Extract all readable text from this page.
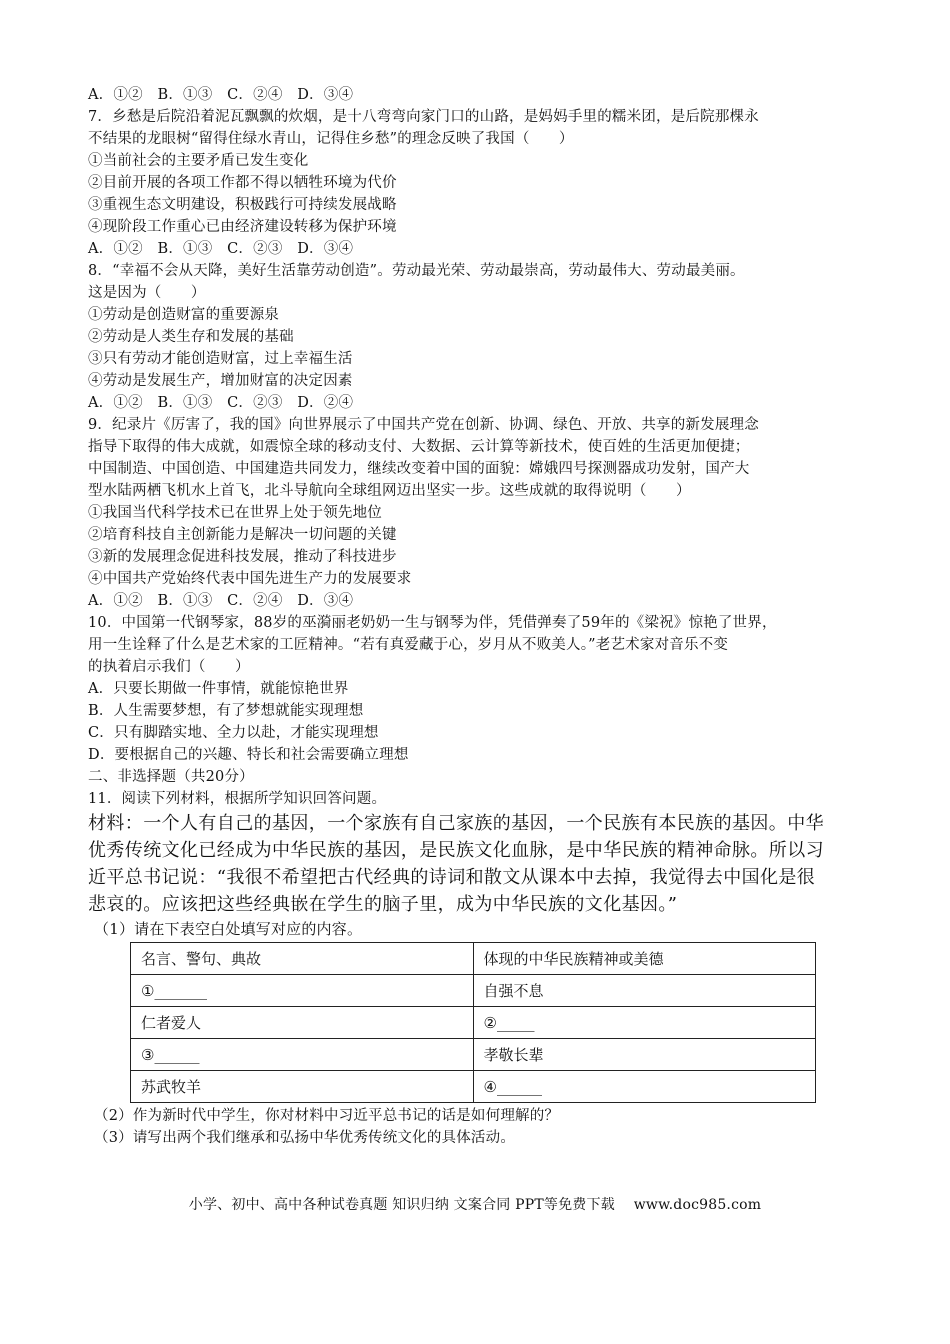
A．①②　B．①③　C．②④　D．③④
7．乡愁是后院沿着泥瓦飘飘的炊烟，是十八弯弯向家门口的山路，是妈妈手里的糯米团，是后院那棵永
不结果的龙眼树“留得住绿水青山，记得住乡愁”的理念反映了我国（　　）
①当前社会的主要矛盾已发生变化
②目前开展的各项工作都不得以牺牲环境为代价
③重视生态文明建设，积极践行可持续发展战略
④现阶段工作重心已由经济建设转移为保护环境
A．①②　B．①③　C．②③　D．③④
8．“幸福不会从天降，美好生活靠劳动创造”。劳动最光荣、劳动最崇高，劳动最伟大、劳动最美丽。
这是因为（　　）
①劳动是创造财富的重要源泉
②劳动是人类生存和发展的基础
③只有劳动才能创造财富，过上幸福生活
④劳动是发展生产，增加财富的决定因素
A．①②　B．①③　C．②③　D．②④
9．纪录片《厉害了，我的国》向世界展示了中国共产党在创新、协调、绿色、开放、共享的新发展理念
指导下取得的伟大成就，如震惊全球的移动支付、大数据、云计算等新技术，使百姓的生活更加便捷；
中国制造、中国创造、中国建造共同发力，继续改变着中国的面貌：嫦娥四号探测器成功发射，国产大
型水陆两栖飞机水上首飞，北斗导航向全球组网迈出坚实一步。这些成就的取得说明（　　）
①我国当代科学技术已在世界上处于领先地位
②培育科技自主创新能力是解决一切问题的关键
③新的发展理念促进科技发展，推动了科技进步
④中国共产党始终代表中国先进生产力的发展要求
A．①②　B．①③　C．②④　D．③④
10．中国第一代钢琴家，88岁的巫漪丽老奶奶一生与钢琴为伴，凭借弹奏了59年的《梁祝》惊艳了世界，
用一生诠释了什么是艺术家的工匠精神。“若有真爱藏于心，岁月从不败美人。”老艺术家对音乐不变
的执着启示我们（　　）
A．只要长期做一件事情，就能惊艳世界
B．人生需要梦想，有了梦想就能实现理想
C．只有脚踏实地、全力以赴，才能实现理想
D．要根据自己的兴趣、特长和社会需要确立理想
二、非选择题（共20分）
11．阅读下列材料，根据所学知识回答问题。
材料：一个人有自己的基因，一个家族有自己家族的基因，一个民族有本民族的基因。中华
优秀传统文化已经成为中华民族的基因，是民族文化血脉，是中华民族的精神命脉。所以习
近平总书记说：“我很不希望把古代经典的诗词和散文从课本中去掉，我觉得去中国化是很
悲哀的。应该把这些经典嵌在学生的脑子里，成为中华民族的文化基因。”
（1）请在下表空白处填写对应的内容。
名言、警句、典故	体现的中华民族精神或美德
①_______	自强不息
仁者爱人	②_____
③______	孝敬长辈
苏武牧羊	④______
（2）作为新时代中学生，你对材料中习近平总书记的话是如何理解的？
（3）请写出两个我们继承和弘扬中华优秀传统文化的具体活动。
小学、初中、高中各种试卷真题 知识归纳 文案合同 PPT等免费下载　 www.doc985.com
